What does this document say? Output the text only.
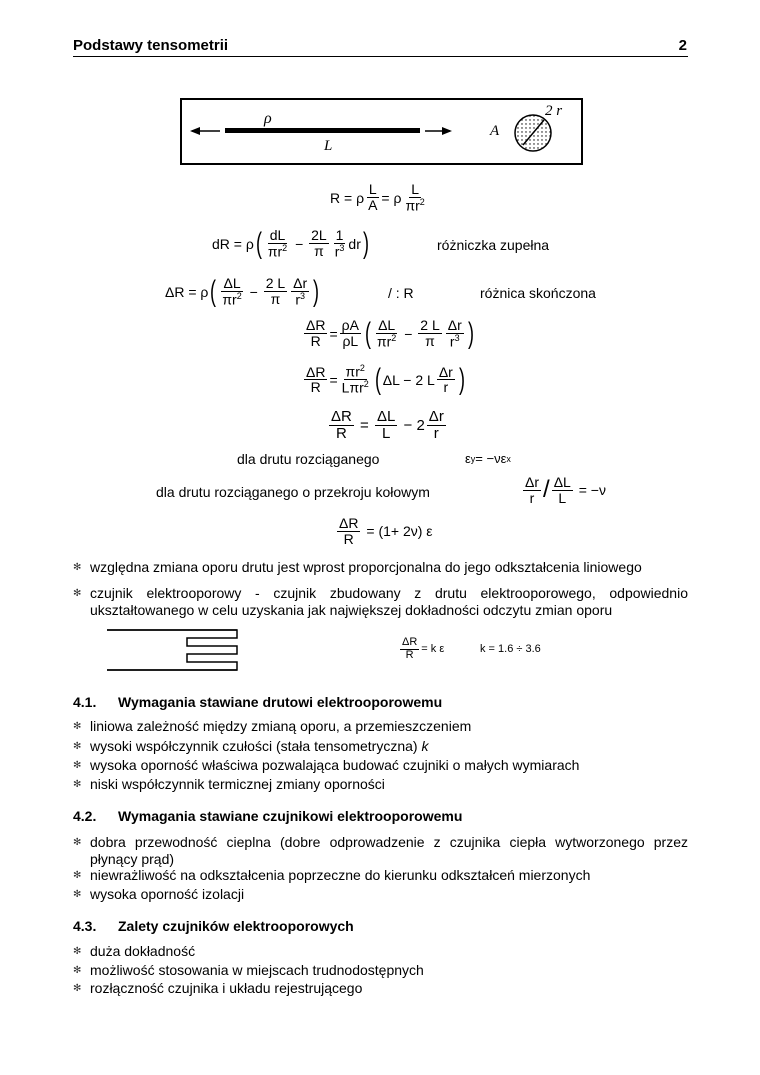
Podstawy tensometrii	2
ρ
L
A
2 r
R = ρ $\frac{L}{A} = \rho \frac{L}{\pi r^2}$
dR = ρ ( $\frac{dL}{\pi r^2}$
−
$\frac{2L}{\pi} \frac{1}{r^3}$ dr )	różniczka zupełna
ΔR = ρ ( $\frac{\Delta L}{\pi r^2} - \frac{2 L}{\pi} \frac{\Delta r}{r^3}$ )	/ : R	różnica skończona
$\frac{\Delta R}{R} = \frac{\rho A}{\rho L}$ ( $\frac{\Delta L}{\pi r^2} - \frac{2 L}{\pi} \frac{\Delta r}{r^3}$ )
$\frac{\Delta R}{R} = \frac{\pi r^2}{L\pi r^2}$ ( ΔL − 2 L $\frac{\Delta r}{r}$ )
$\frac{\Delta R}{R} = \frac{\Delta L}{L}$
− $2 \frac{\Delta r}{r}$
dla drutu rozciąganego	ε y = −νε x
dla drutu rozciąganego o przekroju kołowym	$\frac{\Delta r}{r} / \frac{\Delta L}{L}$
= −ν
$\frac{\Delta R}{R} = (1+ 2\nu)$ ε
✻ względna zmiana oporu drutu jest wprost proporcjonalna do jego odkształcenia liniowego
✻ czujnik elektrooporowy - czujnik zbudowany z drutu elektrooporowego, odpowiednio ukształtowanego w celu uzyskania jak największej dokładności odczytu zmian oporu
$\frac{\Delta R}{R} = k$ ε	k = 1.6 ÷ 3.6
4.1. Wymagania stawiane drutowi elektrooporowemu
✻ liniowa zależność między zmianą oporu, a przemieszczeniem
✻ wysoki współczynnik czułości (stała tensometryczna) k
✻ wysoka oporność właściwa pozwalająca budować czujniki o małych wymiarach
✻ niski współczynnik termicznej zmiany oporności
4.2. Wymagania stawiane czujnikowi elektrooporowemu
✻ dobra przewodność cieplna (dobre odprowadzenie z czujnika ciepła wytworzonego przez płynący prąd)
✻ niewrażliwość na odkształcenia poprzeczne do kierunku odkształceń mierzonych
✻ wysoka oporność izolacji
4.3. Zalety czujników elektrooporowych
✻ duża dokładność
✻ możliwość stosowania w miejscach trudnodostępnych
✻ rozłączność czujnika i układu rejestrującego
